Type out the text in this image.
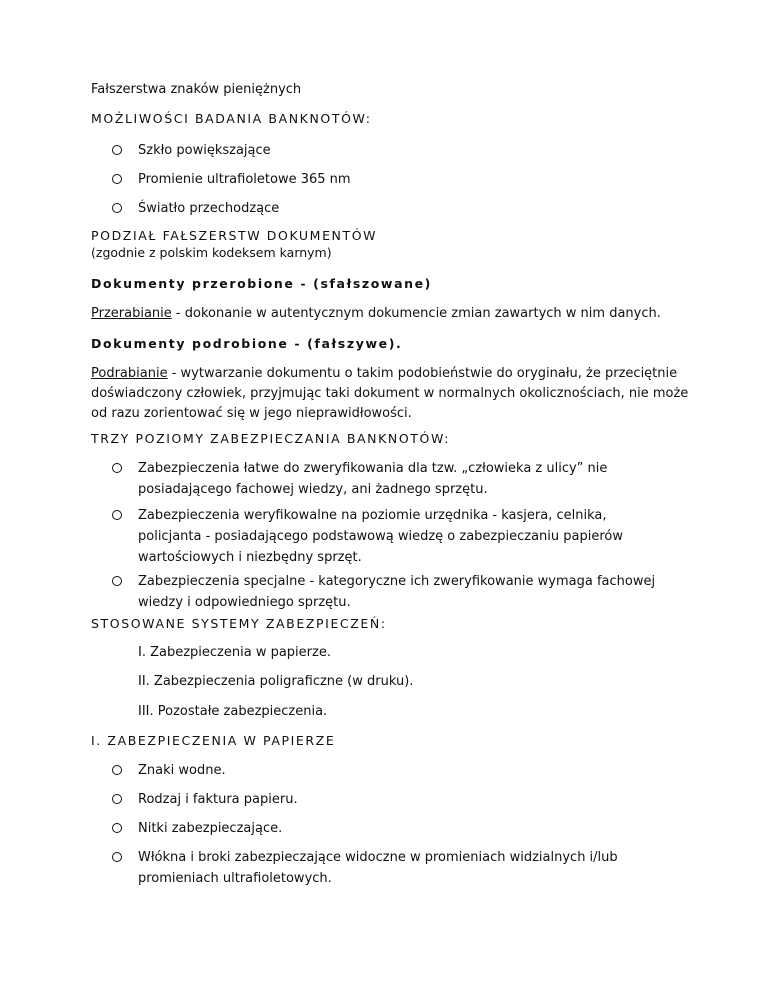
Fałszerstwa znaków pieniężnych
MOŻLIWOŚCI BADANIA BANKNOTÓW:
Szkło powiększające
Promienie ultrafioletowe 365 nm
Światło przechodzące
PODZIAŁ FAŁSZERSTW DOKUMENTÓW
(zgodnie z polskim kodeksem karnym)
Dokumenty przerobione - (sfałszowane)
Przerabianie - dokonanie w autentycznym dokumencie zmian zawartych w nim danych.
Dokumenty podrobione - (fałszywe).
Podrabianie - wytwarzanie dokumentu o takim podobieństwie do oryginału, że przeciętnie doświadczony człowiek, przyjmując taki dokument w normalnych okolicznościach, nie może od razu zorientować się w jego nieprawidłowości.
TRZY POZIOMY ZABEZPIECZANIA BANKNOTÓW:
Zabezpieczenia łatwe do zweryfikowania dla tzw. „człowieka z ulicy” nie posiadającego fachowej wiedzy, ani żadnego sprzętu.
Zabezpieczenia weryfikowalne na poziomie urzędnika - kasjera, celnika, policjanta - posiadającego podstawową wiedzę o zabezpieczaniu papierów wartościowych i niezbędny sprzęt.
Zabezpieczenia specjalne - kategoryczne ich zweryfikowanie wymaga fachowej wiedzy i odpowiedniego sprzętu.
STOSOWANE SYSTEMY ZABEZPIECZEŃ:
I. Zabezpieczenia w papierze.
II. Zabezpieczenia poligraficzne (w druku).
III. Pozostałe zabezpieczenia.
I. ZABEZPIECZENIA W PAPIERZE
Znaki wodne.
Rodzaj i faktura papieru.
Nitki zabezpieczające.
Włókna i broki zabezpieczające widoczne w promieniach widzialnych i/lub promieniach ultrafioletowych.
